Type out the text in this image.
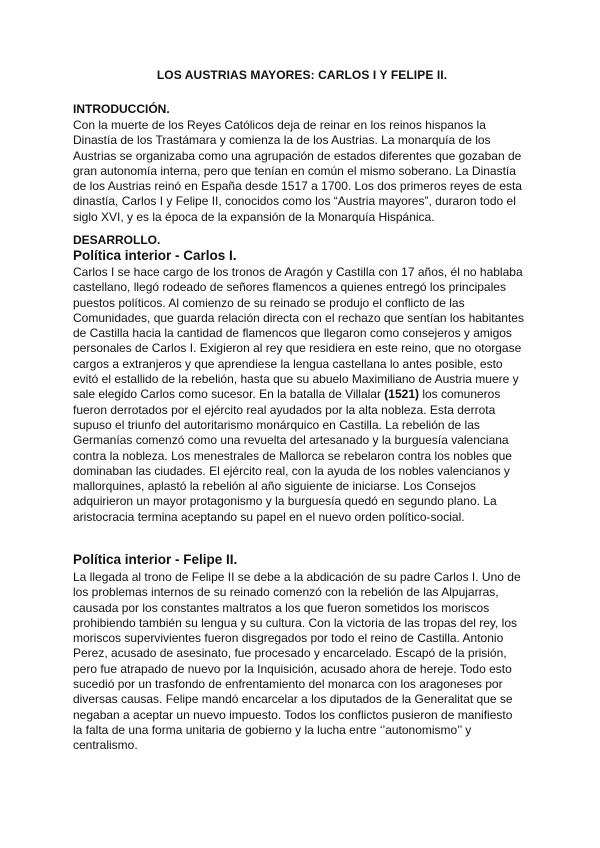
LOS AUSTRIAS MAYORES: CARLOS I Y FELIPE II.
INTRODUCCIÓN.
Con la muerte de los Reyes Católicos deja de reinar en los reinos hispanos la
Dinastía de los Trastámara y comienza la de los Austrias. La monarquía de los
Austrias se organizaba como una agrupación de estados diferentes que gozaban de
gran autonomía interna, pero que tenían en común el mismo soberano. La Dinastía
de los Austrias reinó en España desde 1517 a 1700. Los dos primeros reyes de esta
dinastía, Carlos I y Felipe II, conocidos como los “Austria mayores”, duraron todo el
siglo XVI, y es la época de la expansión de la Monarquía Hispánica.
DESARROLLO.
Política interior - Carlos I.
Carlos I se hace cargo de los tronos de Aragón y Castilla con 17 años, él no hablaba
castellano, llegó rodeado de señores flamencos a quienes entregó los principales
puestos políticos. Al comienzo de su reinado se produjo el conflicto de las
Comunidades, que guarda relación directa con el rechazo que sentían los habitantes
de Castilla hacia la cantidad de flamencos que llegaron como consejeros y amigos
personales de Carlos I. Exigieron al rey que residiera en este reino, que no otorgase
cargos a extranjeros y que aprendiese la lengua castellana lo antes posible, esto
evitó el estallido de la rebelión, hasta que su abuelo Maximiliano de Austria muere y
sale elegido Carlos como sucesor. En la batalla de Villalar (1521) los comuneros
fueron derrotados por el ejército real ayudados por la alta nobleza. Esta derrota
supuso el triunfo del autoritarismo monárquico en Castilla. La rebelión de las
Germanías comenzó como una revuelta del artesanado y la burguesía valenciana
contra la nobleza. Los menestrales de Mallorca se rebelaron contra los nobles que
dominaban las ciudades. El ejército real, con la ayuda de los nobles valencianos y
mallorquines, aplastó la rebelión al año siguiente de iniciarse. Los Consejos
adquirieron un mayor protagonismo y la burguesía quedó en segundo plano. La
aristocracia termina aceptando su papel en el nuevo orden político-social.
Política interior - Felipe II.
La llegada al trono de Felipe II se debe a la abdicación de su padre Carlos I. Uno de
los problemas internos de su reinado comenzó con la rebelión de las Alpujarras,
causada por los constantes maltratos a los que fueron sometidos los moriscos
prohibiendo también su lengua y su cultura. Con la victoria de las tropas del rey, los
moriscos supervivientes fueron disgregados por todo el reino de Castilla. Antonio
Perez, acusado de asesinato, fue procesado y encarcelado. Escapó de la prisión,
pero fue atrapado de nuevo por la Inquisición, acusado ahora de hereje. Todo esto
sucedió por un trasfondo de enfrentamiento del monarca con los aragoneses por
diversas causas. Felipe mandó encarcelar a los diputados de la Generalitat que se
negaban a aceptar un nuevo impuesto. Todos los conflictos pusieron de manifiesto
la falta de una forma unitaria de gobierno y la lucha entre ‘’autonomismo’’ y
centralismo.
